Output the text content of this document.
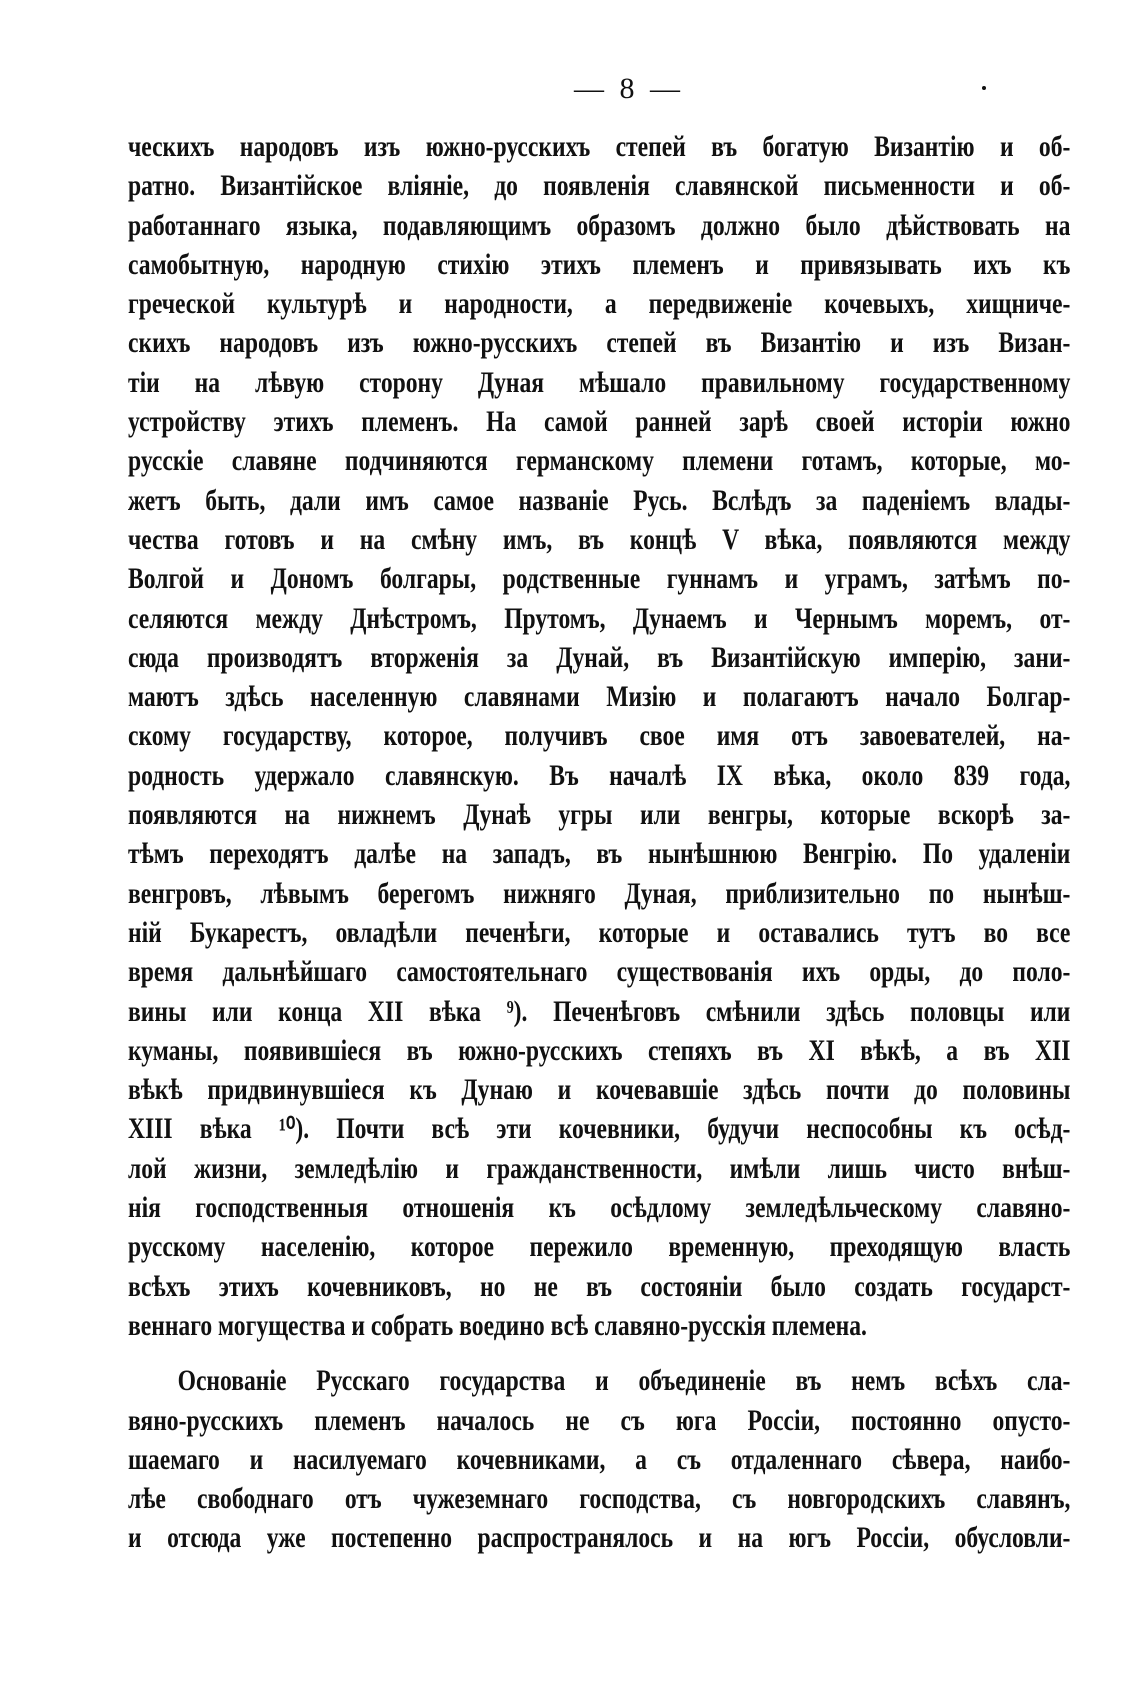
— 8 —
ческихъ народовъ изъ южно-русскихъ степей въ богатую Византію и об-
ратно. Византійское вліяніе, до появленія славянской письменности и об-
работаннаго языка, подавляющимъ образомъ должно было дѣйствовать на
самобытную, народную стихію этихъ племенъ и привязывать ихъ къ
греческой культурѣ и народности, а передвиженіе кочевыхъ, хищниче-
скихъ народовъ изъ южно-русскихъ степей въ Византію и изъ Визан-
тіи на лѣвую сторону Дуная мѣшало правильному государственному
устройству этихъ племенъ. На самой ранней зарѣ своей исторіи южно
русскіе славяне подчиняются германскому племени готамъ, которые, мо-
жетъ быть, дали имъ самое названіе Русь. Вслѣдъ за паденіемъ влады-
чества готовъ и на смѣну имъ, въ концѣ V вѣка, появляются между
Волгой и Дономъ болгары, родственные гуннамъ и уграмъ, затѣмъ по-
селяются между Днѣстромъ, Прутомъ, Дунаемъ и Чернымъ моремъ, от-
сюда производятъ вторженія за Дунай, въ Византійскую имперію, зани-
маютъ здѣсь населенную славянами Мизію и полагаютъ начало Болгар-
скому государству, которое, получивъ свое имя отъ завоевателей, на-
родность удержало славянскую. Въ началѣ IX вѣка, около 839 года,
появляются на нижнемъ Дунаѣ угры или венгры, которые вскорѣ за-
тѣмъ переходятъ далѣе на западъ, въ нынѣшнюю Венгрію. По удаленіи
венгровъ, лѣвымъ берегомъ нижняго Дуная, приблизительно по нынѣш-
ній Букарестъ, овладѣли печенѣги, которые и оставались тутъ во все
время дальнѣйшаго самостоятельнаго существованія ихъ орды, до поло-
вины или конца XII вѣка ⁹). Печенѣговъ смѣнили здѣсь половцы или
куманы, появившіеся въ южно-русскихъ степяхъ въ XI вѣкѣ, а въ XII
вѣкѣ придвинувшіеся къ Дунаю и кочевавшіе здѣсь почти до половины
XIII вѣка ¹⁰). Почти всѣ эти кочевники, будучи неспособны къ осѣд-
лой жизни, земледѣлію и гражданственности, имѣли лишь чисто внѣш-
нія господственныя отношенія къ осѣдлому земледѣльческому славяно-
русскому населенію, которое пережило временную, преходящую власть
всѣхъ этихъ кочевниковъ, но не въ состояніи было создать государст-
веннаго могущества и собрать воедино всѣ славяно-русскія племена.
Основаніе Русскаго государства и объединеніе въ немъ всѣхъ сла-
вяно-русскихъ племенъ началось не съ юга Россіи, постоянно опусто-
шаемаго и насилуемаго кочевниками, а съ отдаленнаго сѣвера, наибо-
лѣе свободнаго отъ чужеземнаго господства, съ новгородскихъ славянъ,
и отсюда уже постепенно распространялось и на югъ Россіи, обусловли-
